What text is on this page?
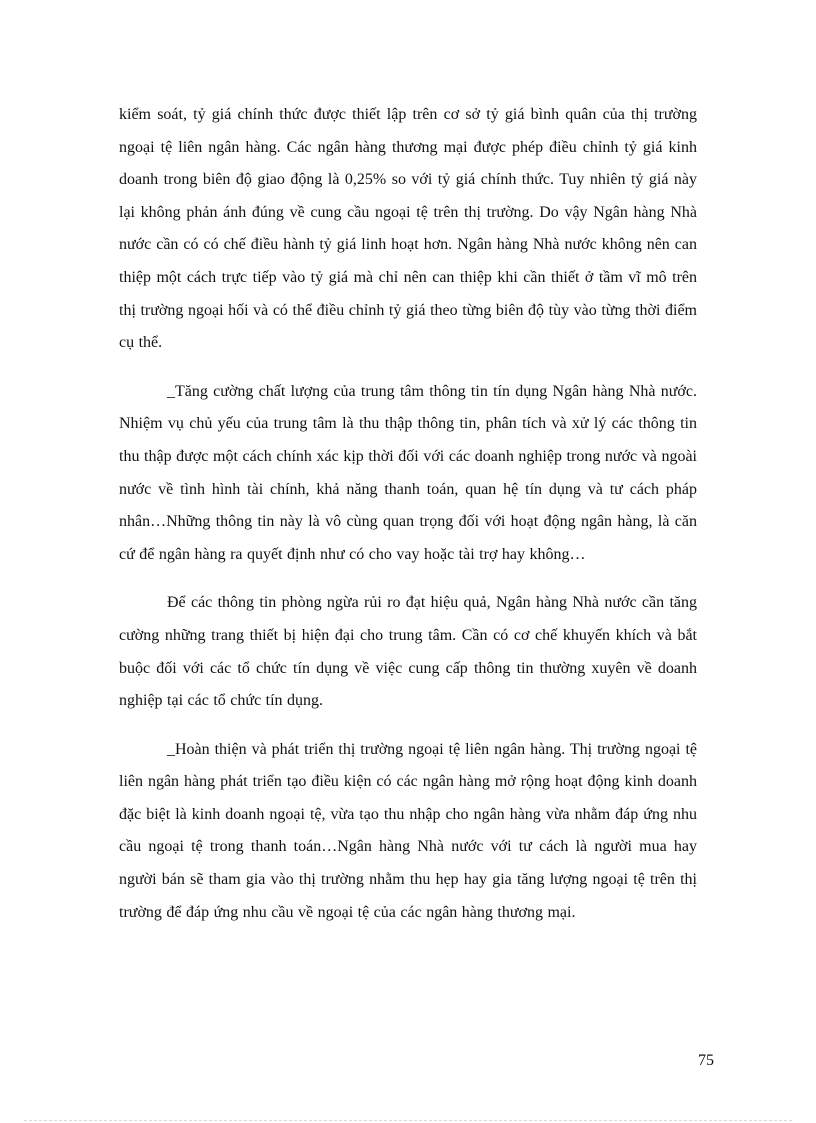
kiểm soát, tỷ giá chính thức được thiết lập trên cơ sở tỷ giá bình quân của thị trường ngoại tệ liên ngân hàng. Các ngân hàng thương mại được phép điều chỉnh tỷ giá kinh doanh trong biên độ giao động là 0,25% so với tỷ giá chính thức. Tuy nhiên tỷ giá này lại không phản ánh đúng về cung cầu ngoại tệ trên thị trường. Do vậy Ngân hàng Nhà nước cần có có chế điều hành tỷ giá linh hoạt hơn. Ngân hàng Nhà nước không nên can thiệp một cách trực tiếp vào tỷ giá mà chỉ nên can thiệp khi cần thiết ở tầm vĩ mô trên thị trường ngoại hối và có thể điều chỉnh tỷ giá theo từng biên độ tùy vào từng thời điểm cụ thể.

_Tăng cường chất lượng của trung tâm thông tin tín dụng Ngân hàng Nhà nước. Nhiệm vụ chủ yếu của trung tâm là thu thập thông tin, phân tích và xử lý các thông tin thu thập được một cách chính xác kịp thời đối với các doanh nghiệp trong nước và ngoài nước về tình hình tài chính, khả năng thanh toán, quan hệ tín dụng và tư cách pháp nhân…Những thông tin này là vô cùng quan trọng đối với hoạt động ngân hàng, là căn cứ để ngân hàng ra quyết định như có cho vay hoặc tài trợ hay không…

Để các thông tin phòng ngừa rủi ro đạt hiệu quả, Ngân hàng Nhà nước cần tăng cường những trang thiết bị hiện đại cho trung tâm. Cần có cơ chế khuyến khích và bắt buộc đối với các tổ chức tín dụng về việc cung cấp thông tin thường xuyên về doanh nghiệp tại các tổ chức tín dụng.

_Hoàn thiện và phát triển thị trường ngoại tệ liên ngân hàng. Thị trường ngoại tệ liên ngân hàng phát triển tạo điều kiện có các ngân hàng mở rộng hoạt động kinh doanh đặc biệt là kinh doanh ngoại tệ, vừa tạo thu nhập cho ngân hàng vừa nhằm đáp ứng nhu cầu ngoại tệ trong thanh toán…Ngân hàng Nhà nước với tư cách là người mua hay người bán sẽ tham gia vào thị trường nhằm thu hẹp hay gia tăng lượng ngoại tệ trên thị trường để đáp ứng nhu cầu về ngoại tệ của các ngân hàng thương mại.

75
